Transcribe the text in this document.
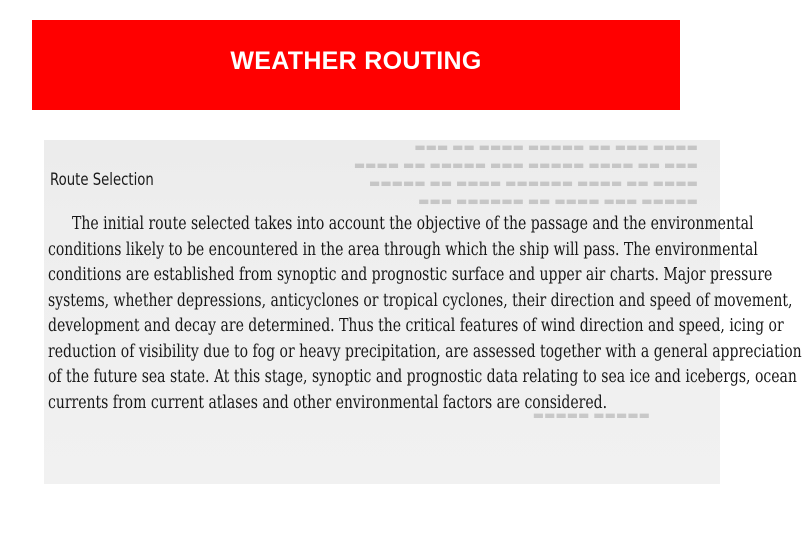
WEATHER ROUTING
▬▬▬ ▬▬ ▬▬▬▬ ▬▬▬▬▬ ▬▬ ▬▬▬ ▬▬▬▬
▬▬▬▬ ▬▬ ▬▬▬▬▬ ▬▬▬ ▬▬▬▬▬ ▬▬▬▬ ▬▬ ▬▬▬
▬▬▬▬▬ ▬▬ ▬▬▬▬ ▬▬▬▬▬▬ ▬▬▬▬ ▬▬ ▬▬▬▬
▬▬▬ ▬▬▬▬▬▬ ▬▬ ▬▬▬▬ ▬▬▬ ▬▬▬▬▬
▬▬▬▬▬ ▬▬▬▬▬
Route Selection
The initial route selected takes into account the objective of the passage and the environmental
conditions likely to be encountered in the area through which the ship will pass. The environmental
conditions are established from synoptic and prognostic surface and upper air charts. Major pressure
systems, whether depressions, anticyclones or tropical cyclones, their direction and speed of movement,
development and decay are determined. Thus the critical features of wind direction and speed, icing or
reduction of visibility due to fog or heavy precipitation, are assessed together with a general appreciation
of the future sea state. At this stage, synoptic and prognostic data relating to sea ice and icebergs, ocean
currents from current atlases and other environmental factors are considered.
